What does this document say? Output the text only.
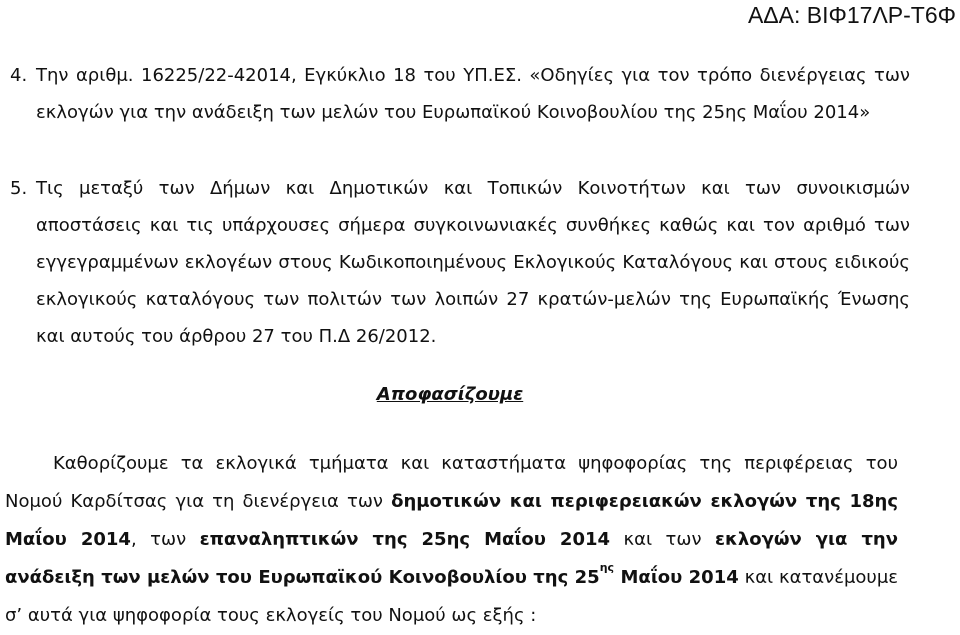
ΑΔΑ: ΒΙΦ17ΛΡ-Τ6Φ
4. Την αριθμ. 16225/22-42014, Εγκύκλιο 18 του ΥΠ.ΕΣ. «Οδηγίες για τον τρόπο διενέργειας των εκλογών για την ανάδειξη των μελών του Ευρωπαϊκού Κοινοβουλίου της 25ης Μαΐου 2014»
5. Τις μεταξύ των Δήμων και Δημοτικών και Τοπικών Κοινοτήτων και των συνοικισμών αποστάσεις και τις υπάρχουσες σήμερα συγκοινωνιακές συνθήκες καθώς και τον αριθμό των εγγεγραμμένων εκλογέων στους Κωδικοποιημένους Εκλογικούς Καταλόγους και στους ειδικούς εκλογικούς καταλόγους των πολιτών των λοιπών 27 κρατών-μελών της Ευρωπαϊκής Ένωσης και αυτούς του άρθρου 27 του Π.Δ 26/2012.
Αποφασίζουμε
Καθορίζουμε τα εκλογικά τμήματα και καταστήματα ψηφοφορίας της περιφέρειας του Νομού Καρδίτσας για τη διενέργεια των δημοτικών και περιφερειακών εκλογών της 18ης Μαΐου 2014, των επαναληπτικών της 25ης Μαΐου 2014 και των εκλογών για την ανάδειξη των μελών του Ευρωπαϊκού Κοινοβουλίου της $25^{\eta\varsigma}$ Μαΐου 2014 και κατανέμουμε σ’ αυτά για ψηφοφορία τους εκλογείς του Νομού ως εξής :
